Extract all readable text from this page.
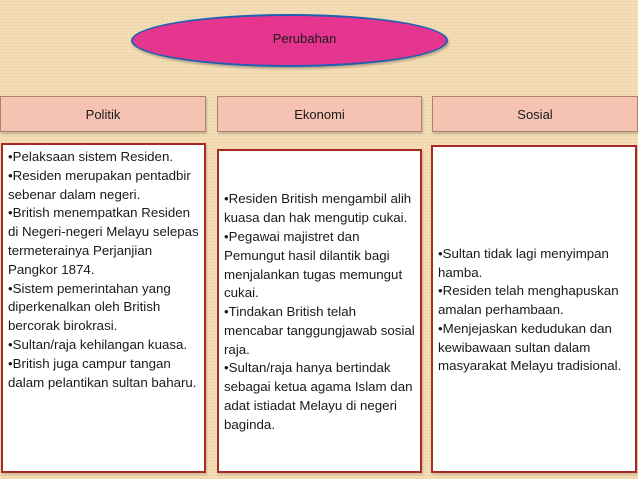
Perubahan
Politik	Ekonomi	Sosial
•Pelaksaan sistem Residen.
•Residen merupakan pentadbir sebenar dalam negeri.
•British menempatkan Residen di Negeri-negeri Melayu selepas termeterainya Perjanjian Pangkor 1874.
•Sistem pemerintahan yang diperkenalkan oleh British bercorak birokrasi.
•Sultan/raja kehilangan kuasa.
•British juga campur tangan dalam pelantikan sultan baharu.
•Residen British mengambil alih kuasa dan hak mengutip cukai.
•Pegawai majistret dan Pemungut hasil dilantik bagi menjalankan tugas memungut cukai.
•Tindakan British telah mencabar tanggungjawab sosial raja.
•Sultan/raja hanya bertindak sebagai ketua agama Islam dan adat istiadat Melayu di negeri baginda.
•Sultan tidak lagi menyimpan hamba.
•Residen telah menghapuskan amalan perhambaan.
•Menjejaskan kedudukan dan kewibawaan sultan dalam masyarakat Melayu tradisional.
